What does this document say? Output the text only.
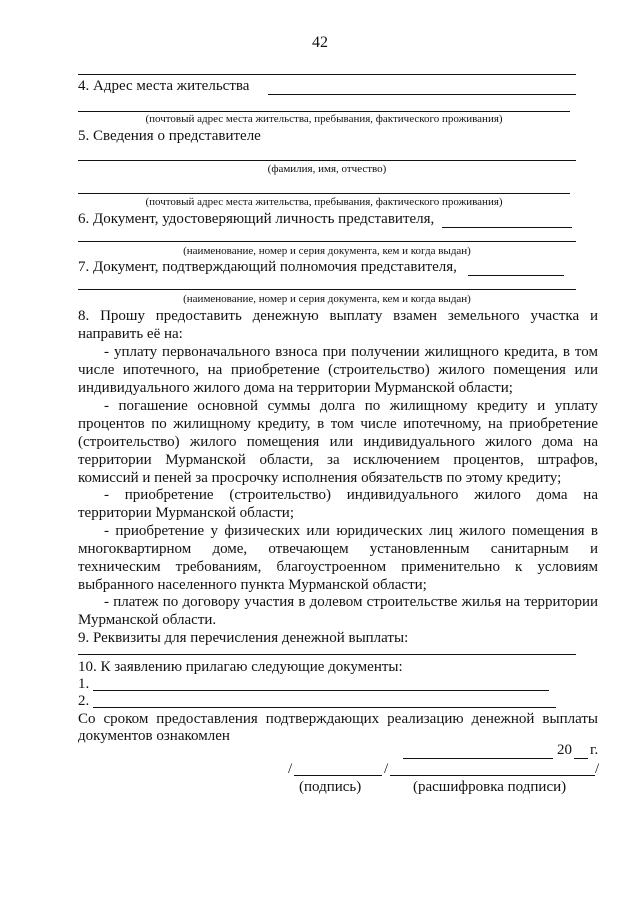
42
4. Адрес места жительства
(почтовый адрес места жительства, пребывания, фактического проживания)
5. Сведения о представителе
(фамилия, имя, отчество)
(почтовый адрес места жительства, пребывания, фактического проживания)
6. Документ, удостоверяющий личность представителя,
(наименование, номер и серия документа, кем и когда выдан)
7. Документ, подтверждающий полномочия представителя,
(наименование, номер и серия документа, кем и когда выдан)
8. Прошу предоставить денежную выплату взамен земельного участка и
направить её на:
- уплату первоначального взноса при получении жилищного кредита, в том
числе ипотечного, на приобретение (строительство) жилого помещения или
индивидуального жилого дома на территории Мурманской области;
- погашение основной суммы долга по жилищному кредиту и уплату
процентов по жилищному кредиту, в том числе ипотечному, на приобретение
(строительство) жилого помещения или индивидуального жилого дома на
территории Мурманской области, за исключением процентов, штрафов,
комиссий и пеней за просрочку исполнения обязательств по этому кредиту;
- приобретение (строительство) индивидуального жилого дома на
территории Мурманской области;
- приобретение у физических или юридических лиц жилого помещения в
многоквартирном доме, отвечающем установленным санитарным и
техническим требованиям, благоустроенном применительно к условиям
выбранного населенного пункта Мурманской области;
- платеж по договору участия в долевом строительстве жилья на территории
Мурманской области.
9. Реквизиты для перечисления денежной выплаты:
10. К заявлению прилагаю следующие документы:
1.
2.
Со сроком предоставления подтверждающих реализацию денежной выплаты
документов ознакомлен
20 г.
/	/	/
(подпись)	(расшифровка подписи)
